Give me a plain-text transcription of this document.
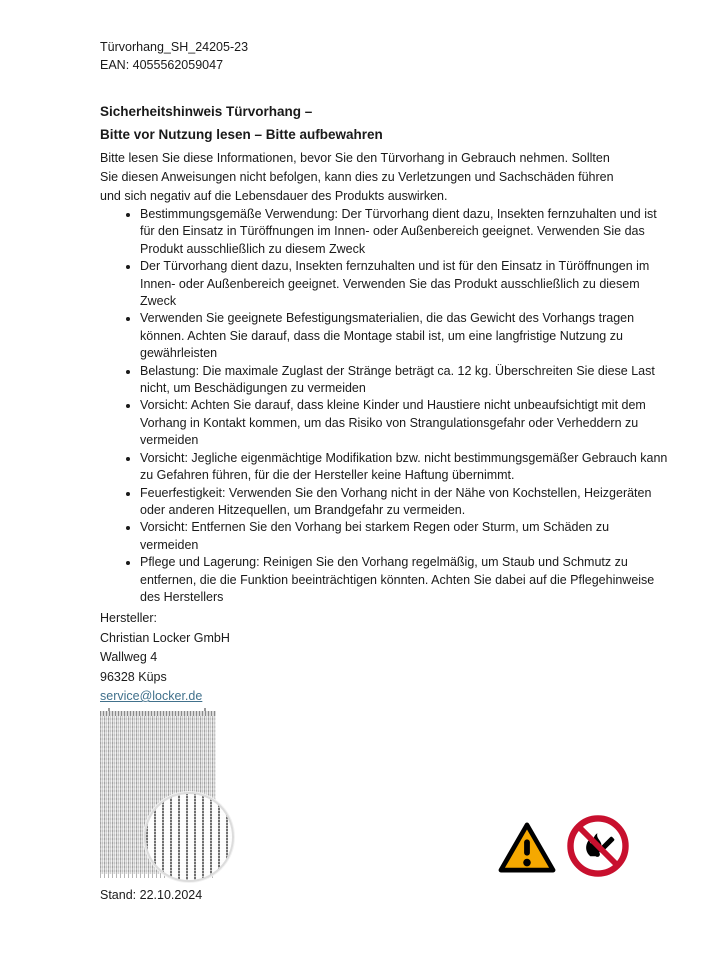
Türvorhang_SH_24205-23
EAN: 4055562059047
Sicherheitshinweis Türvorhang –
Bitte vor Nutzung lesen – Bitte aufbewahren
Bitte lesen Sie diese Informationen, bevor Sie den Türvorhang in Gebrauch nehmen. Sollten Sie diesen Anweisungen nicht befolgen, kann dies zu Verletzungen und Sachschäden führen und sich negativ auf die Lebensdauer des Produkts auswirken.
• Bestimmungsgemäße Verwendung: Der Türvorhang dient dazu, Insekten fernzuhalten und ist für den Einsatz in Türöffnungen im Innen- oder Außenbereich geeignet. Verwenden Sie das Produkt ausschließlich zu diesem Zweck
• Der Türvorhang dient dazu, Insekten fernzuhalten und ist für den Einsatz in Türöffnungen im Innen- oder Außenbereich geeignet. Verwenden Sie das Produkt ausschließlich zu diesem Zweck
• Verwenden Sie geeignete Befestigungsmaterialien, die das Gewicht des Vorhangs tragen können. Achten Sie darauf, dass die Montage stabil ist, um eine langfristige Nutzung zu gewährleisten
• Belastung: Die maximale Zuglast der Stränge beträgt ca. 12 kg. Überschreiten Sie diese Last nicht, um Beschädigungen zu vermeiden
• Vorsicht: Achten Sie darauf, dass kleine Kinder und Haustiere nicht unbeaufsichtigt mit dem Vorhang in Kontakt kommen, um das Risiko von Strangulationsgefahr oder Verheddern zu vermeiden
• Vorsicht: Jegliche eigenmächtige Modifikation bzw. nicht bestimmungsgemäßer Gebrauch kann zu Gefahren führen, für die der Hersteller keine Haftung übernimmt.
• Feuerfestigkeit: Verwenden Sie den Vorhang nicht in der Nähe von Kochstellen, Heizgeräten oder anderen Hitzequellen, um Brandgefahr zu vermeiden.
• Vorsicht: Entfernen Sie den Vorhang bei starkem Regen oder Sturm, um Schäden zu vermeiden
• Pflege und Lagerung: Reinigen Sie den Vorhang regelmäßig, um Staub und Schmutz zu entfernen, die die Funktion beeinträchtigen könnten. Achten Sie dabei auf die Pflegehinweise des Herstellers
Hersteller:
Christian Locker GmbH
Wallweg 4
96328 Küps
service@locker.de
Stand: 22.10.2024
